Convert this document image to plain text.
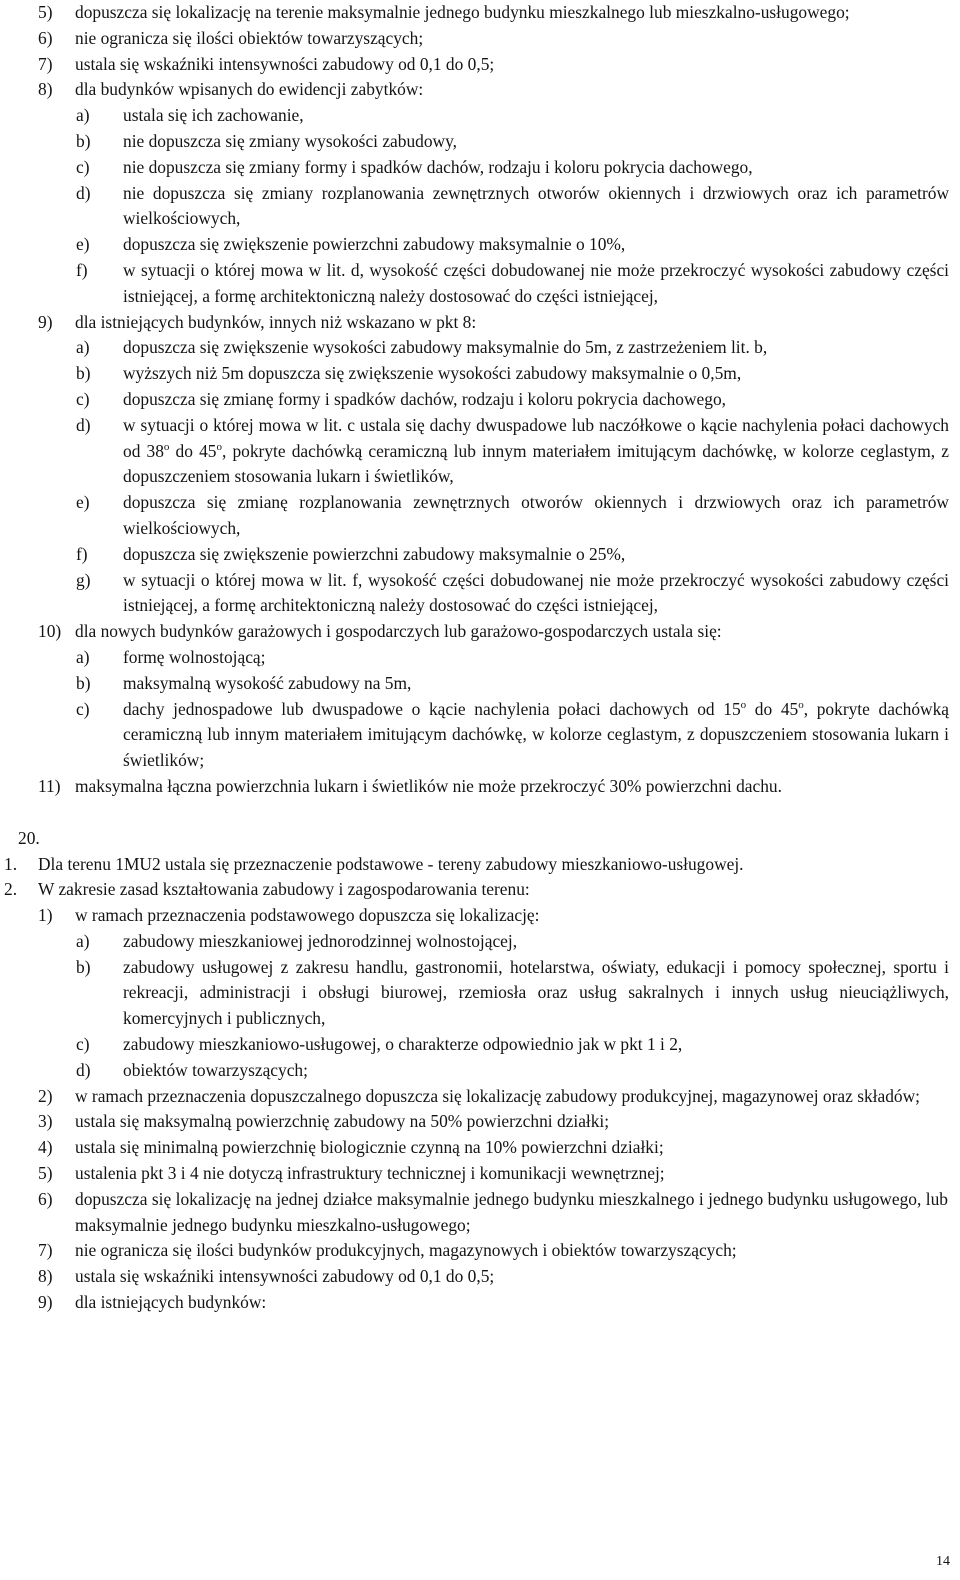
5)	dopuszcza się lokalizację na terenie maksymalnie jednego budynku mieszkalnego lub mieszkalno-usługowego;
6)	nie ogranicza się ilości obiektów towarzyszących;
7)	ustala się wskaźniki intensywności zabudowy od 0,1 do 0,5;
8)	dla budynków wpisanych do ewidencji zabytków:
a)	ustala się ich zachowanie,
b)	nie dopuszcza się zmiany wysokości zabudowy,
c)	nie dopuszcza się zmiany formy i spadków dachów, rodzaju i koloru pokrycia dachowego,
d)	nie dopuszcza się zmiany rozplanowania zewnętrznych otworów okiennych i drzwiowych oraz ich parametrów wielkościowych,
e)	dopuszcza się zwiększenie powierzchni zabudowy maksymalnie o 10%,
f)	w sytuacji o której mowa w lit. d, wysokość części dobudowanej nie może przekroczyć wysokości zabudowy części istniejącej, a formę architektoniczną należy dostosować do części istniejącej,
9)	dla istniejących budynków, innych niż wskazano w pkt 8:
a)	dopuszcza się zwiększenie wysokości zabudowy maksymalnie do 5m, z zastrzeżeniem lit. b,
b)	wyższych niż 5m dopuszcza się zwiększenie wysokości zabudowy maksymalnie o 0,5m,
c)	dopuszcza się zmianę formy i spadków dachów, rodzaju i koloru pokrycia dachowego,
d)	w sytuacji o której mowa w lit. c ustala się dachy dwuspadowe lub naczółkowe o kącie nachylenia połaci dachowych od 38$^o$ do 45$^o$, pokryte dachówką ceramiczną lub innym materiałem imitującym dachówkę, w kolorze ceglastym, z dopuszczeniem stosowania lukarn i świetlików,
e)	dopuszcza się zmianę rozplanowania zewnętrznych otworów okiennych i drzwiowych oraz ich parametrów wielkościowych,
f)	dopuszcza się zwiększenie powierzchni zabudowy maksymalnie o 25%,
g)	w sytuacji o której mowa w lit. f, wysokość części dobudowanej nie może przekroczyć wysokości zabudowy części istniejącej, a formę architektoniczną należy dostosować do części istniejącej,
10) dla nowych budynków garażowych i gospodarczych lub garażowo-gospodarczych ustala się:
a)	formę wolnostojącą;
b)	maksymalną wysokość zabudowy na 5m,
c)	dachy jednospadowe lub dwuspadowe o kącie nachylenia połaci dachowych od 15$^o$ do 45$^o$, pokryte dachówką ceramiczną lub innym materiałem imitującym dachówkę, w kolorze ceglastym, z dopuszczeniem stosowania lukarn i świetlików;
11) maksymalna łączna powierzchnia lukarn i świetlików nie może przekroczyć 30% powierzchni dachu.
20.
1.	Dla terenu 1MU2 ustala się przeznaczenie podstawowe - tereny zabudowy mieszkaniowo-usługowej.
2.	W zakresie zasad kształtowania zabudowy i zagospodarowania terenu:
1)	w ramach przeznaczenia podstawowego dopuszcza się lokalizację:
a)	zabudowy mieszkaniowej jednorodzinnej wolnostojącej,
b)	zabudowy usługowej z zakresu handlu, gastronomii, hotelarstwa, oświaty, edukacji i pomocy społecznej, sportu i rekreacji, administracji i obsługi biurowej, rzemiosła oraz usług sakralnych i innych usług nieuciążliwych, komercyjnych i publicznych,
c)	zabudowy mieszkaniowo-usługowej, o charakterze odpowiednio jak w pkt 1 i 2,
d)	obiektów towarzyszących;
2)	w ramach przeznaczenia dopuszczalnego dopuszcza się lokalizację zabudowy produkcyjnej, magazynowej oraz składów;
3)	ustala się maksymalną powierzchnię zabudowy na 50% powierzchni działki;
4)	ustala się minimalną powierzchnię biologicznie czynną na 10% powierzchni działki;
5)	ustalenia pkt 3 i 4 nie dotyczą infrastruktury technicznej i komunikacji wewnętrznej;
6)	dopuszcza się lokalizację na jednej działce maksymalnie jednego budynku mieszkalnego i jednego budynku usługowego, lub maksymalnie jednego budynku mieszkalno-usługowego;
7)	nie ogranicza się ilości budynków produkcyjnych, magazynowych i obiektów towarzyszących;
8)	ustala się wskaźniki intensywności zabudowy od 0,1 do 0,5;
9)	dla istniejących budynków:
14
